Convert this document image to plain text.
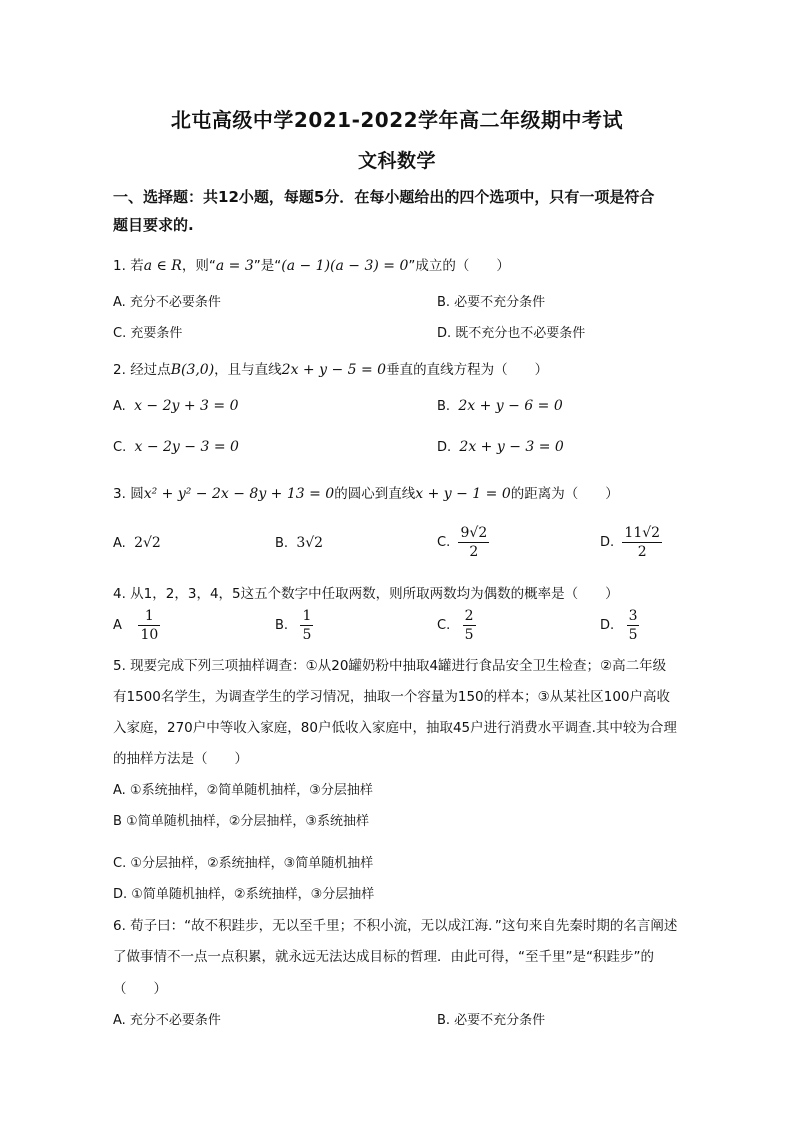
北屯高级中学2021-2022学年高二年级期中考试
文科数学
一、选择题：共12小题，每题5分．在每小题给出的四个选项中，只有一项是符合
题目要求的.
1. 若a ∈ R，则“a = 3”是“(a − 1)(a − 3) = 0”成立的（　　）
A. 充分不必要条件	B. 必要不充分条件
C. 充要条件	D. 既不充分也不必要条件
2. 经过点B(3,0)，且与直线2x + y − 5 = 0垂直的直线方程为（　　）
A. x − 2y + 3 = 0	B. 2x + y − 6 = 0
C. x − 2y − 3 = 0	D. 2x + y − 3 = 0
3. 圆x² + y² − 2x − 8y + 13 = 0的圆心到直线x + y − 1 = 0的距离为（　　）
A. 2√2	B. 3√2	C. $\frac{9√2}{2}$	D. $\frac{11√2}{2}$
4. 从1，2，3，4，5这五个数字中任取两数，则所取两数均为偶数的概率是（　　）
A $\frac{1}{10}$	B. $\frac{1}{5}$	C. $\frac{2}{5}$	D. $\frac{3}{5}$
5. 现要完成下列三项抽样调查：①从20罐奶粉中抽取4罐进行食品安全卫生检查；②高二年级
有1500名学生，为调查学生的学习情况，抽取一个容量为150的样本；③从某社区100户高收
入家庭，270户中等收入家庭，80户低收入家庭中，抽取45户进行消费水平调查.其中较为合理
的抽样方法是（　　）
A. ①系统抽样，②简单随机抽样，③分层抽样
B ①简单随机抽样，②分层抽样，③系统抽样
C. ①分层抽样，②系统抽样，③简单随机抽样
D. ①简单随机抽样，②系统抽样，③分层抽样
6. 荀子曰：“故不积跬步，无以至千里；不积小流，无以成江海．”这句来自先秦时期的名言阐述
了做事情不一点一点积累，就永远无法达成目标的哲理．由此可得，“至千里”是“积跬步”的
（　　）
A. 充分不必要条件	B. 必要不充分条件
